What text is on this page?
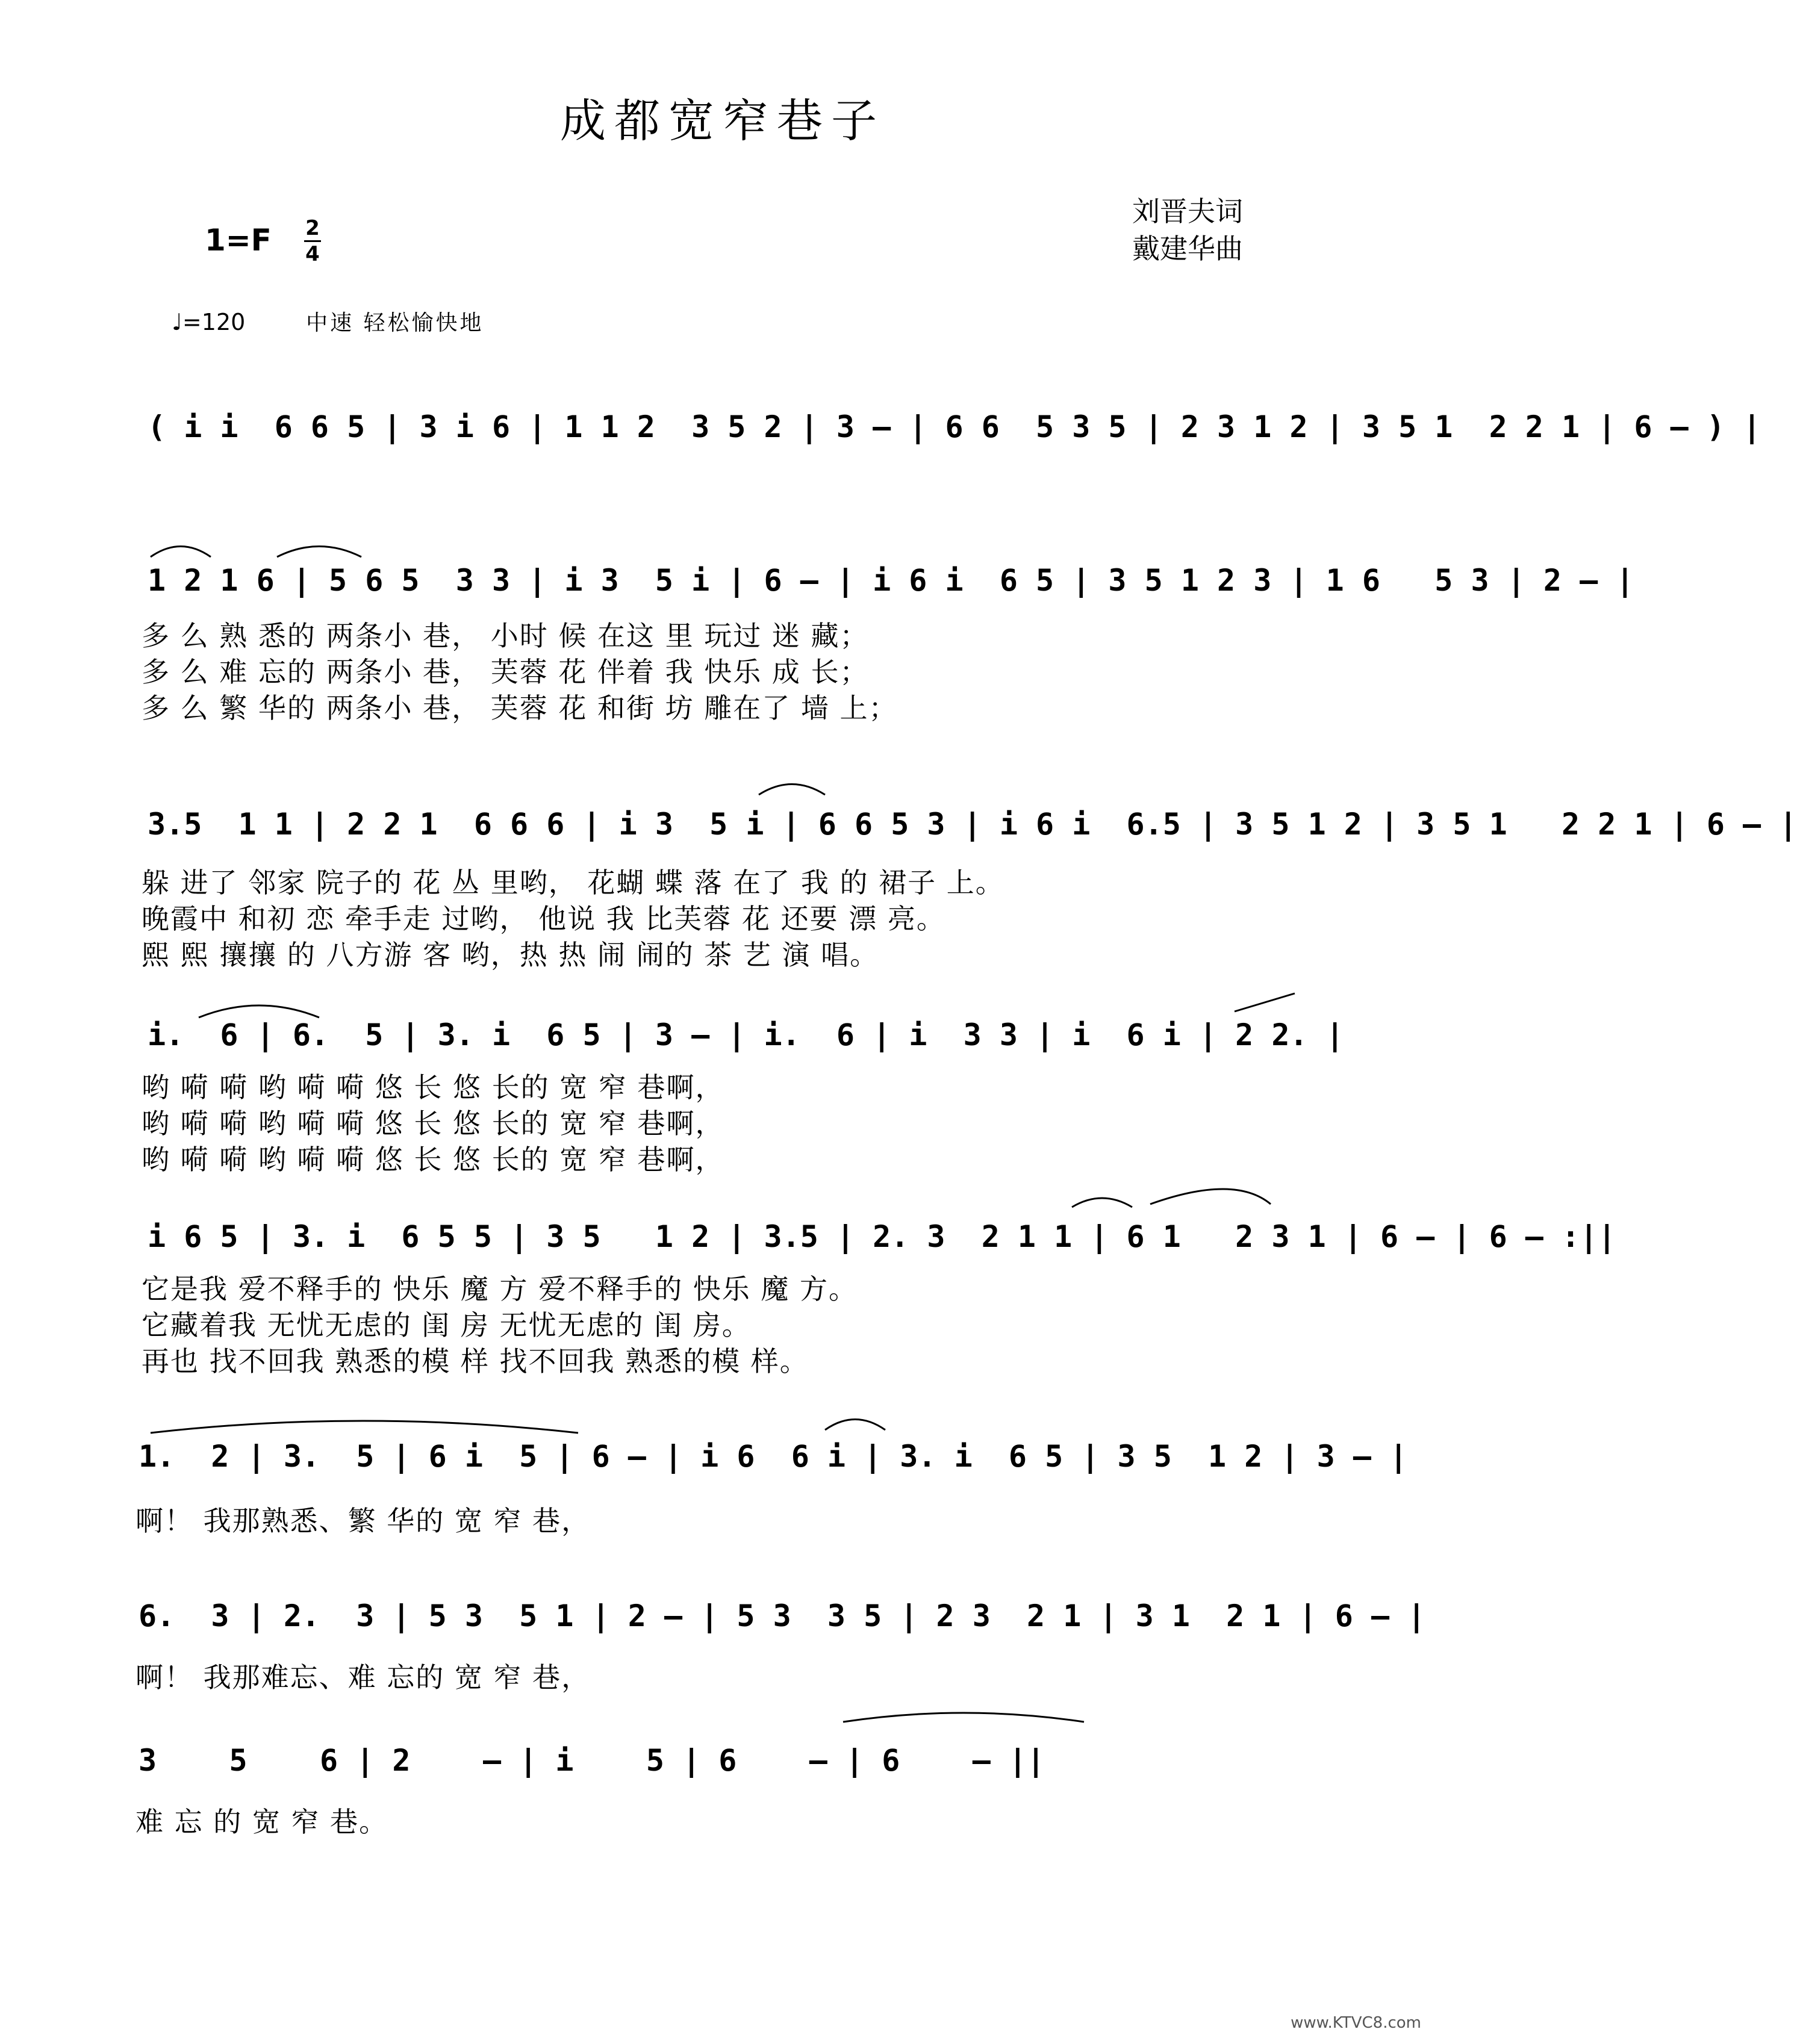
成都宽窄巷子
刘晋夫词
戴建华曲
1=F 2
4
♩=120	中速 轻松愉快地
( i i  6 6 5 | 3 i 6 | 1 1 2  3 5 2 | 3 – | 6 6  5 3 5 | 2 3 1 2 | 3 5 1  2 2 1 | 6 – ) |
1 2 1 6 | 5 6 5  3 3 | i 3  5 i | 6 – | i 6 i  6 5 | 3 5 1 2 3 | 1 6   5 3 | 2 – |
多 么 熟 悉的 两条小 巷， 小时 候 在这 里 玩过 迷 藏；
多 么 难 忘的 两条小 巷， 芙蓉 花 伴着 我 快乐 成 长；
多 么 繁 华的 两条小 巷， 芙蓉 花 和街 坊 雕在了 墙 上；
3.5  1 1 | 2 2 1  6 6 6 | i 3  5 i | 6 6 5 3 | i 6 i  6.5 | 3 5 1 2 | 3 5 1   2 2 1 | 6 – |
躲 进了 邻家 院子的 花 丛 里哟， 花蝴 蝶 落 在了 我 的 裙子 上。
晚霞中 和初 恋 牵手走 过哟， 他说 我 比芙蓉 花 还要 漂 亮。
熙 熙 攘攘 的 八方游 客 哟，热 热 闹 闹的 茶 艺 演 唱。
i.  6 | 6.  5 | 3. i  6 5 | 3 – | i.  6 | i  3 3 | i  6 i | 2 2. |
哟 嗬 嗬 哟 嗬 嗬 悠 长 悠 长的 宽 窄 巷啊，
哟 嗬 嗬 哟 嗬 嗬 悠 长 悠 长的 宽 窄 巷啊，
哟 嗬 嗬 哟 嗬 嗬 悠 长 悠 长的 宽 窄 巷啊，
i 6 5 | 3. i  6 5 5 | 3 5   1 2 | 3.5 | 2. 3  2 1 1 | 6 1   2 3 1 | 6 – | 6 – :||
它是我 爱不释手的 快乐 魔 方 爱不释手的 快乐 魔 方。
它藏着我 无忧无虑的 闺 房 无忧无虑的 闺 房。
再也 找不回我 熟悉的模 样 找不回我 熟悉的模 样。
1.  2 | 3.  5 | 6 i  5 | 6 – | i 6  6 i | 3. i  6 5 | 3 5  1 2 | 3 – |
啊！ 我那熟悉、繁 华的 宽 窄 巷，
6.  3 | 2.  3 | 5 3  5 1 | 2 – | 5 3  3 5 | 2 3  2 1 | 3 1  2 1 | 6 – |
啊！ 我那难忘、难 忘的 宽 窄 巷，
3    5    6 | 2    – | i    5 | 6    – | 6    – ||
难 忘 的 宽 窄 巷。
www.KTVC8.com
